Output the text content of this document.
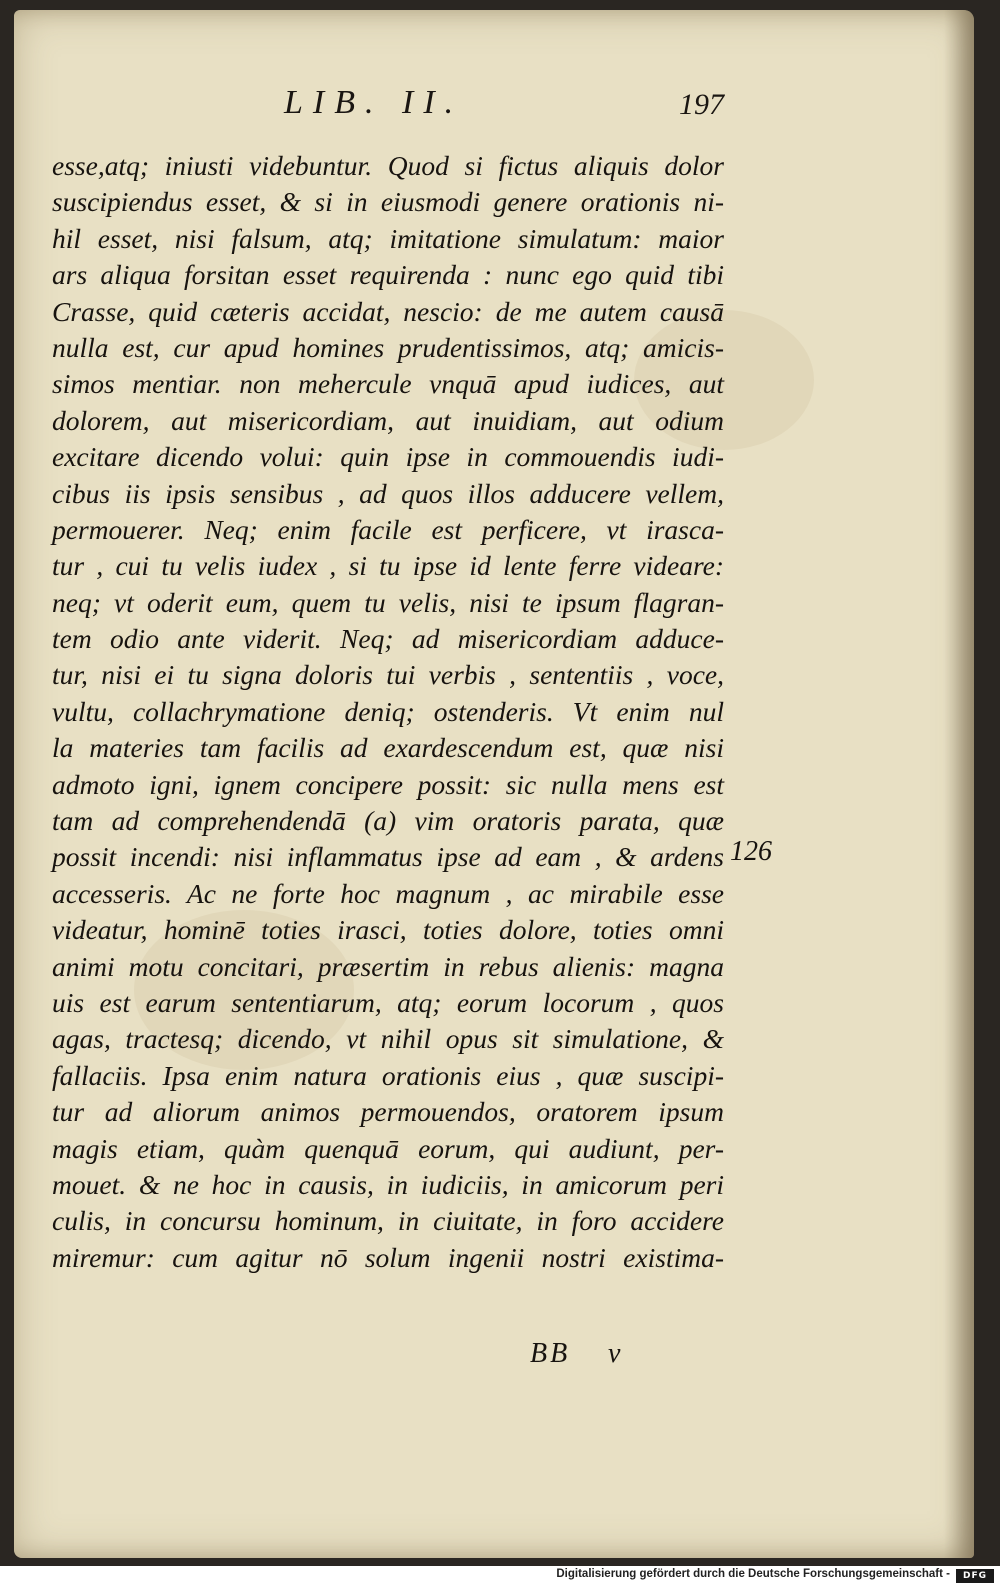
LIB. II.	197
esse,atq; iniusti videbuntur. Quod si fictus aliquis dolor
suscipiendus esset, & si in eiusmodi genere orationis ni-
hil esset, nisi falsum, atq; imitatione simulatum: maior
ars aliqua forsitan esset requirenda : nunc ego quid tibi
Crasse, quid cæteris accidat, nescio: de me autem causā
nulla est, cur apud homines prudentissimos, atq; amicis-
simos mentiar. non mehercule vnquā apud iudices, aut
dolorem, aut misericordiam, aut inuidiam, aut odium
excitare dicendo volui: quin ipse in commouendis iudi-
cibus iis ipsis sensibus , ad quos illos adducere vellem,
permouerer. Neq; enim facile est perficere, vt irasca-
tur , cui tu velis iudex , si tu ipse id lente ferre videare:
neq; vt oderit eum, quem tu velis, nisi te ipsum flagran-
tem odio ante viderit. Neq; ad misericordiam adduce-
tur, nisi ei tu signa doloris tui verbis , sententiis , voce,
vultu, collachrymatione deniq; ostenderis. Vt enim nul
la materies tam facilis ad exardescendum est, quæ nisi
admoto igni, ignem concipere possit: sic nulla mens est
tam ad comprehendendā (a) vim oratoris parata, quæ
possit incendi: nisi inflammatus ipse ad eam , & ardens
accesseris. Ac ne forte hoc magnum , ac mirabile esse
videatur, hominē toties irasci, toties dolore, toties omni
animi motu concitari, præsertim in rebus alienis: magna
uis est earum sententiarum, atq; eorum locorum , quos
agas, tractesq; dicendo, vt nihil opus sit simulatione, &
fallaciis. Ipsa enim natura orationis eius , quæ suscipi-
tur ad aliorum animos permouendos, oratorem ipsum
magis etiam, quàm quenquā eorum, qui audiunt, per-
mouet. & ne hoc in causis, in iudiciis, in amicorum peri
culis, in concursu hominum, in ciuitate, in foro accidere
miremur: cum agitur nō solum ingenii nostri existima-
126
BB v
Digitalisierung gefördert durch die Deutsche Forschungsgemeinschaft -	DFG
